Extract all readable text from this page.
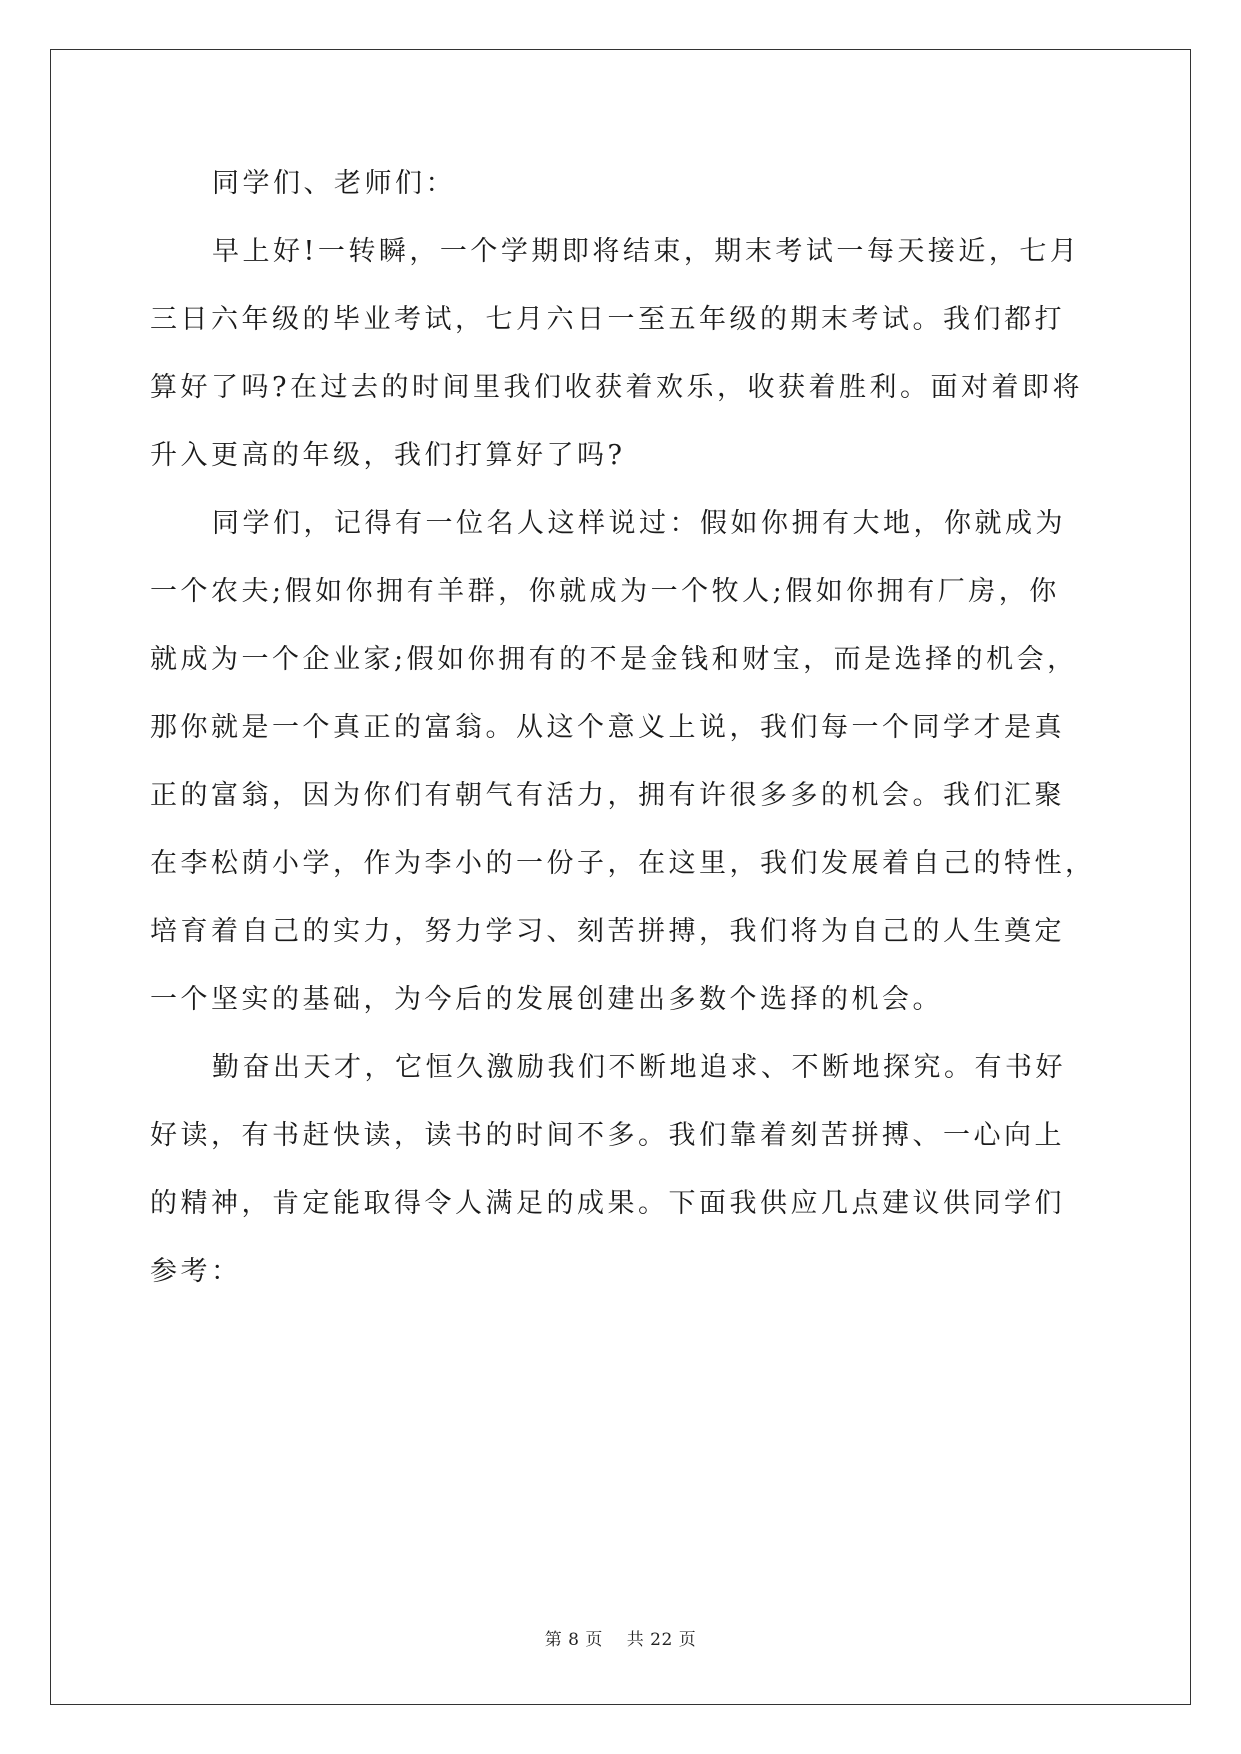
同学们、老师们：

早上好!一转瞬，一个学期即将结束，期末考试一每天接近，七月
三日六年级的毕业考试，七月六日一至五年级的期末考试。我们都打
算好了吗?在过去的时间里我们收获着欢乐，收获着胜利。面对着即将
升入更高的年级，我们打算好了吗?

同学们，记得有一位名人这样说过：假如你拥有大地，你就成为
一个农夫;假如你拥有羊群，你就成为一个牧人;假如你拥有厂房，你
就成为一个企业家;假如你拥有的不是金钱和财宝，而是选择的机会，
那你就是一个真正的富翁。从这个意义上说，我们每一个同学才是真
正的富翁，因为你们有朝气有活力，拥有许很多多的机会。我们汇聚
在李松荫小学，作为李小的一份子，在这里，我们发展着自己的特性，
培育着自己的实力，努力学习、刻苦拼搏，我们将为自己的人生奠定
一个坚实的基础，为今后的发展创建出多数个选择的机会。

勤奋出天才，它恒久激励我们不断地追求、不断地探究。有书好
好读，有书赶快读，读书的时间不多。我们靠着刻苦拼搏、一心向上
的精神，肯定能取得令人满足的成果。下面我供应几点建议供同学们
参考：

第 8 页 共 22 页
